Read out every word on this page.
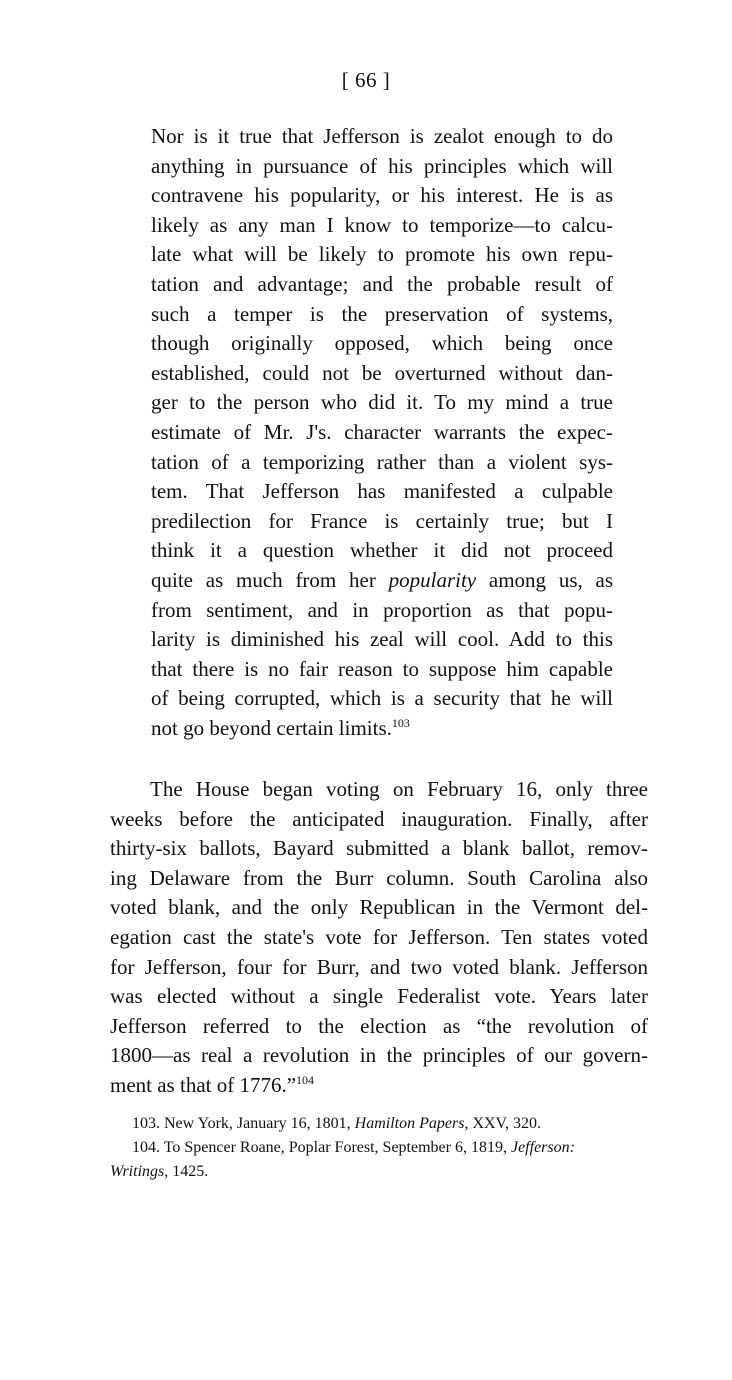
[ 66 ]
Nor is it true that Jefferson is zealot enough to do
anything in pursuance of his principles which will
contravene his popularity, or his interest. He is as
likely as any man I know to temporize—to calcu-
late what will be likely to promote his own repu-
tation and advantage; and the probable result of
such a temper is the preservation of systems,
though originally opposed, which being once
established, could not be overturned without dan-
ger to the person who did it. To my mind a true
estimate of Mr. J's. character warrants the expec-
tation of a temporizing rather than a violent sys-
tem. That Jefferson has manifested a culpable
predilection for France is certainly true; but I
think it a question whether it did not proceed
quite as much from her popularity among us, as
from sentiment, and in proportion as that popu-
larity is diminished his zeal will cool. Add to this
that there is no fair reason to suppose him capable
of being corrupted, which is a security that he will
not go beyond certain limits.$^{103}$
The House began voting on February 16, only three
weeks before the anticipated inauguration. Finally, after
thirty-six ballots, Bayard submitted a blank ballot, remov-
ing Delaware from the Burr column. South Carolina also
voted blank, and the only Republican in the Vermont del-
egation cast the state's vote for Jefferson. Ten states voted
for Jefferson, four for Burr, and two voted blank. Jefferson
was elected without a single Federalist vote. Years later
Jefferson referred to the election as “the revolution of
1800—as real a revolution in the principles of our govern-
ment as that of 1776.”$^{104}$
103. New York, January 16, 1801, Hamilton Papers, XXV, 320.
104. To Spencer Roane, Poplar Forest, September 6, 1819, Jefferson:
Writings, 1425.
